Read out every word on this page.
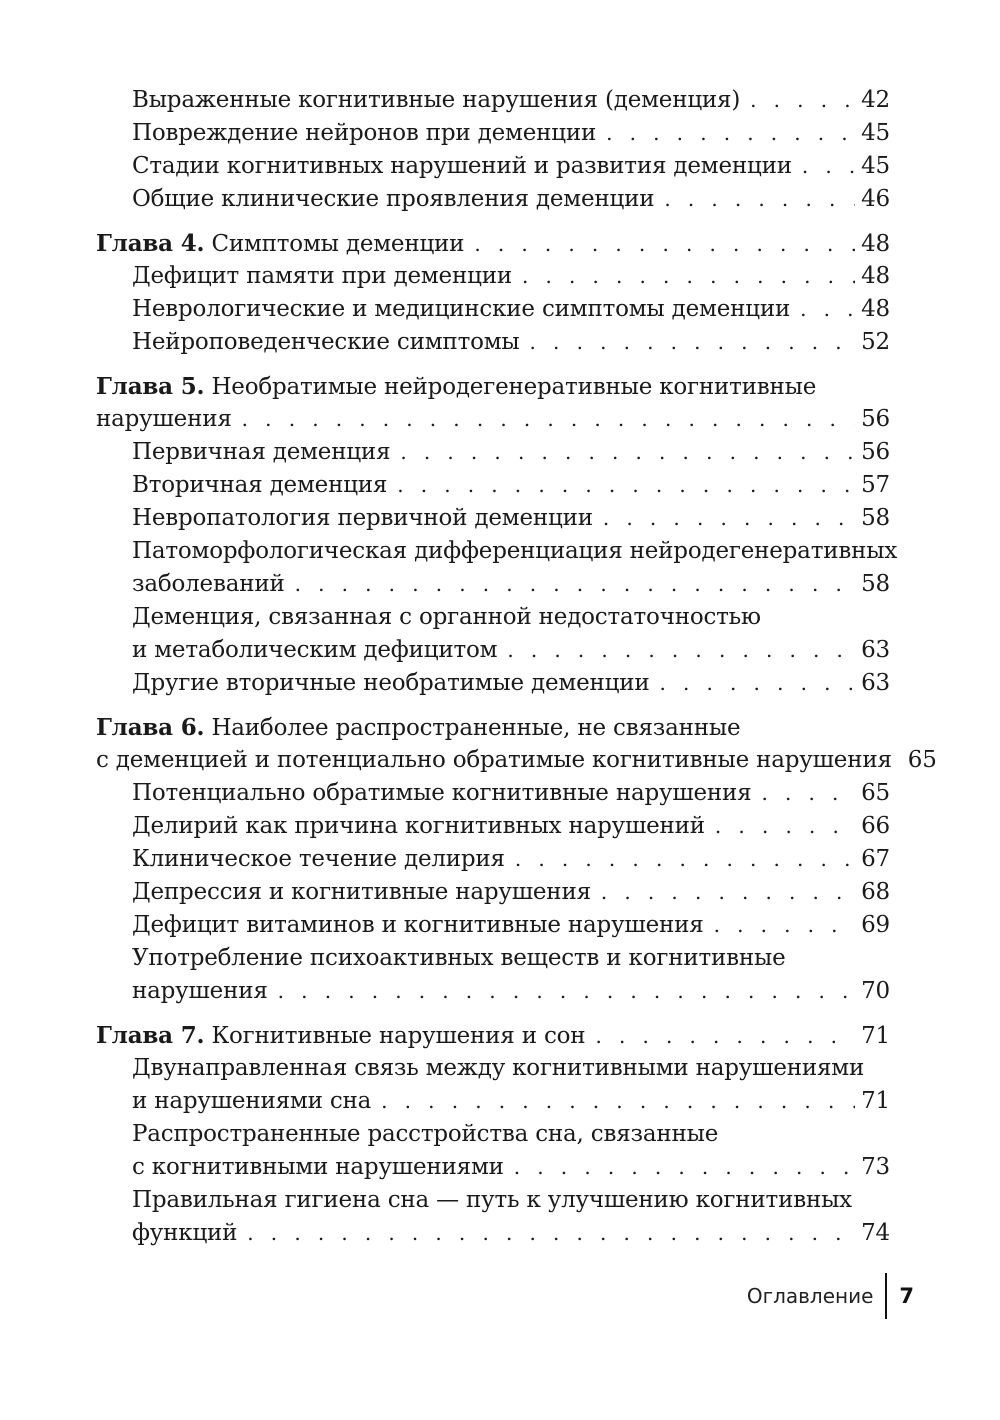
Выраженные когнитивные нарушения (деменция) . . .	42
Повреждение нейронов при деменции . . .	45
Стадии когнитивных нарушений и развития деменции . . .	45
Общие клинические проявления деменции . . .	46
Глава 4. Симптомы деменции . . .	48
Дефицит памяти при деменции . . .	48
Неврологические и медицинские симптомы деменции . . .	48
Нейроповеденческие симптомы . . .	52
Глава 5. Необратимые нейродегенеративные когнитивные
нарушения . . .	56
Первичная деменция . . .	56
Вторичная деменция . . .	57
Невропатология первичной деменции . . .	58
Патоморфологическая дифференциация нейродегенеративных
заболеваний . . .	58
Деменция, связанная с органной недостаточностью
и метаболическим дефицитом . . .	63
Другие вторичные необратимые деменции . . .	63
Глава 6. Наиболее распространенные, не связанные
с деменцией и потенциально обратимые когнитивные нарушения 65
Потенциально обратимые когнитивные нарушения . . .	65
Делирий как причина когнитивных нарушений . . .	66
Клиническое течение делирия . . .	67
Депрессия и когнитивные нарушения . . .	68
Дефицит витаминов и когнитивные нарушения . . .	69
Употребление психоактивных веществ и когнитивные
нарушения . . .	70
Глава 7. Когнитивные нарушения и сон . . .	71
Двунаправленная связь между когнитивными нарушениями
и нарушениями сна . . .	71
Распространенные расстройства сна, связанные
с когнитивными нарушениями . . .	73
Правильная гигиена сна — путь к улучшению когнитивных
функций . . .	74
Оглавление 7
